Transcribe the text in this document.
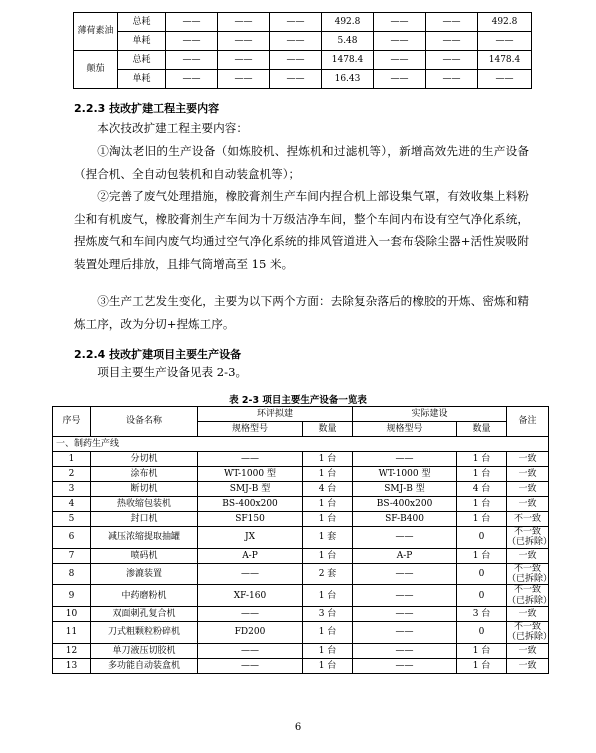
薄荷素油	总耗	——	——	——	492.8	——	——	492.8
	单耗	——	——	——	5.48	——	——	——
颠茄	总耗	——	——	——	1478.4	——	——	1478.4
	单耗	——	——	——	16.43	——	——	——
2.2.3 技改扩建工程主要内容

本次技改扩建工程主要内容：

①淘汰老旧的生产设备（如炼胶机、捏炼机和过滤机等），新增高效先进的生产设备（捏合机、全自动包装机和自动装盒机等）；

②完善了废气处理措施，橡胶膏剂生产车间内捏合机上部设集气罩，有效收集上料粉尘和有机废气，橡胶膏剂生产车间为十万级洁净车间，整个车间内布设有空气净化系统，捏炼废气和车间内废气均通过空气净化系统的排风管道进入一套布袋除尘器+活性炭吸附装置处理后排放，且排气筒增高至 15 米。

③生产工艺发生变化，主要为以下两个方面：去除复杂落后的橡胶的开炼、密炼和精炼工序，改为分切+捏炼工序。

2.2.4 技改扩建项目主要生产设备

项目主要生产设备见表 2-3。

表 2-3 项目主要生产设备一览表
序号	设备名称	环评拟建		实际建设		备注
		规格型号	数量	规格型号	数量	
一、制药生产线						
1	分切机	——	1 台	——	1 台	一致
2	涂布机	WT-1000 型	1 台	WT-1000 型	1 台	一致
3	断切机	SMJ-B 型	4 台	SMJ-B 型	4 台	一致
4	热收缩包装机	BS-400x200	1 台	BS-400x200	1 台	一致
5	封口机	SF150	1 台	SF-B400	1 台	不一致
6	减压浓缩提取抽罐	JX	1 套	——	0	不一致
（已拆除）
7	喷码机	A-P	1 台	A-P	1 台	一致
8	渗漉装置	——	2 套	——	0	不一致
（已拆除）
9	中药磨粉机	XF-160	1 台	——	0	不一致
（已拆除）
10	双面刺孔复合机	——	3 台	——	3 台	一致
11	刀式粗颗粒粉碎机	FD200	1 台	——	0	不一致
（已拆除）
12	单刀液压切胶机	——	1 台	——	1 台	一致
13	多功能自动装盒机	——	1 台	——	1 台	一致
6
